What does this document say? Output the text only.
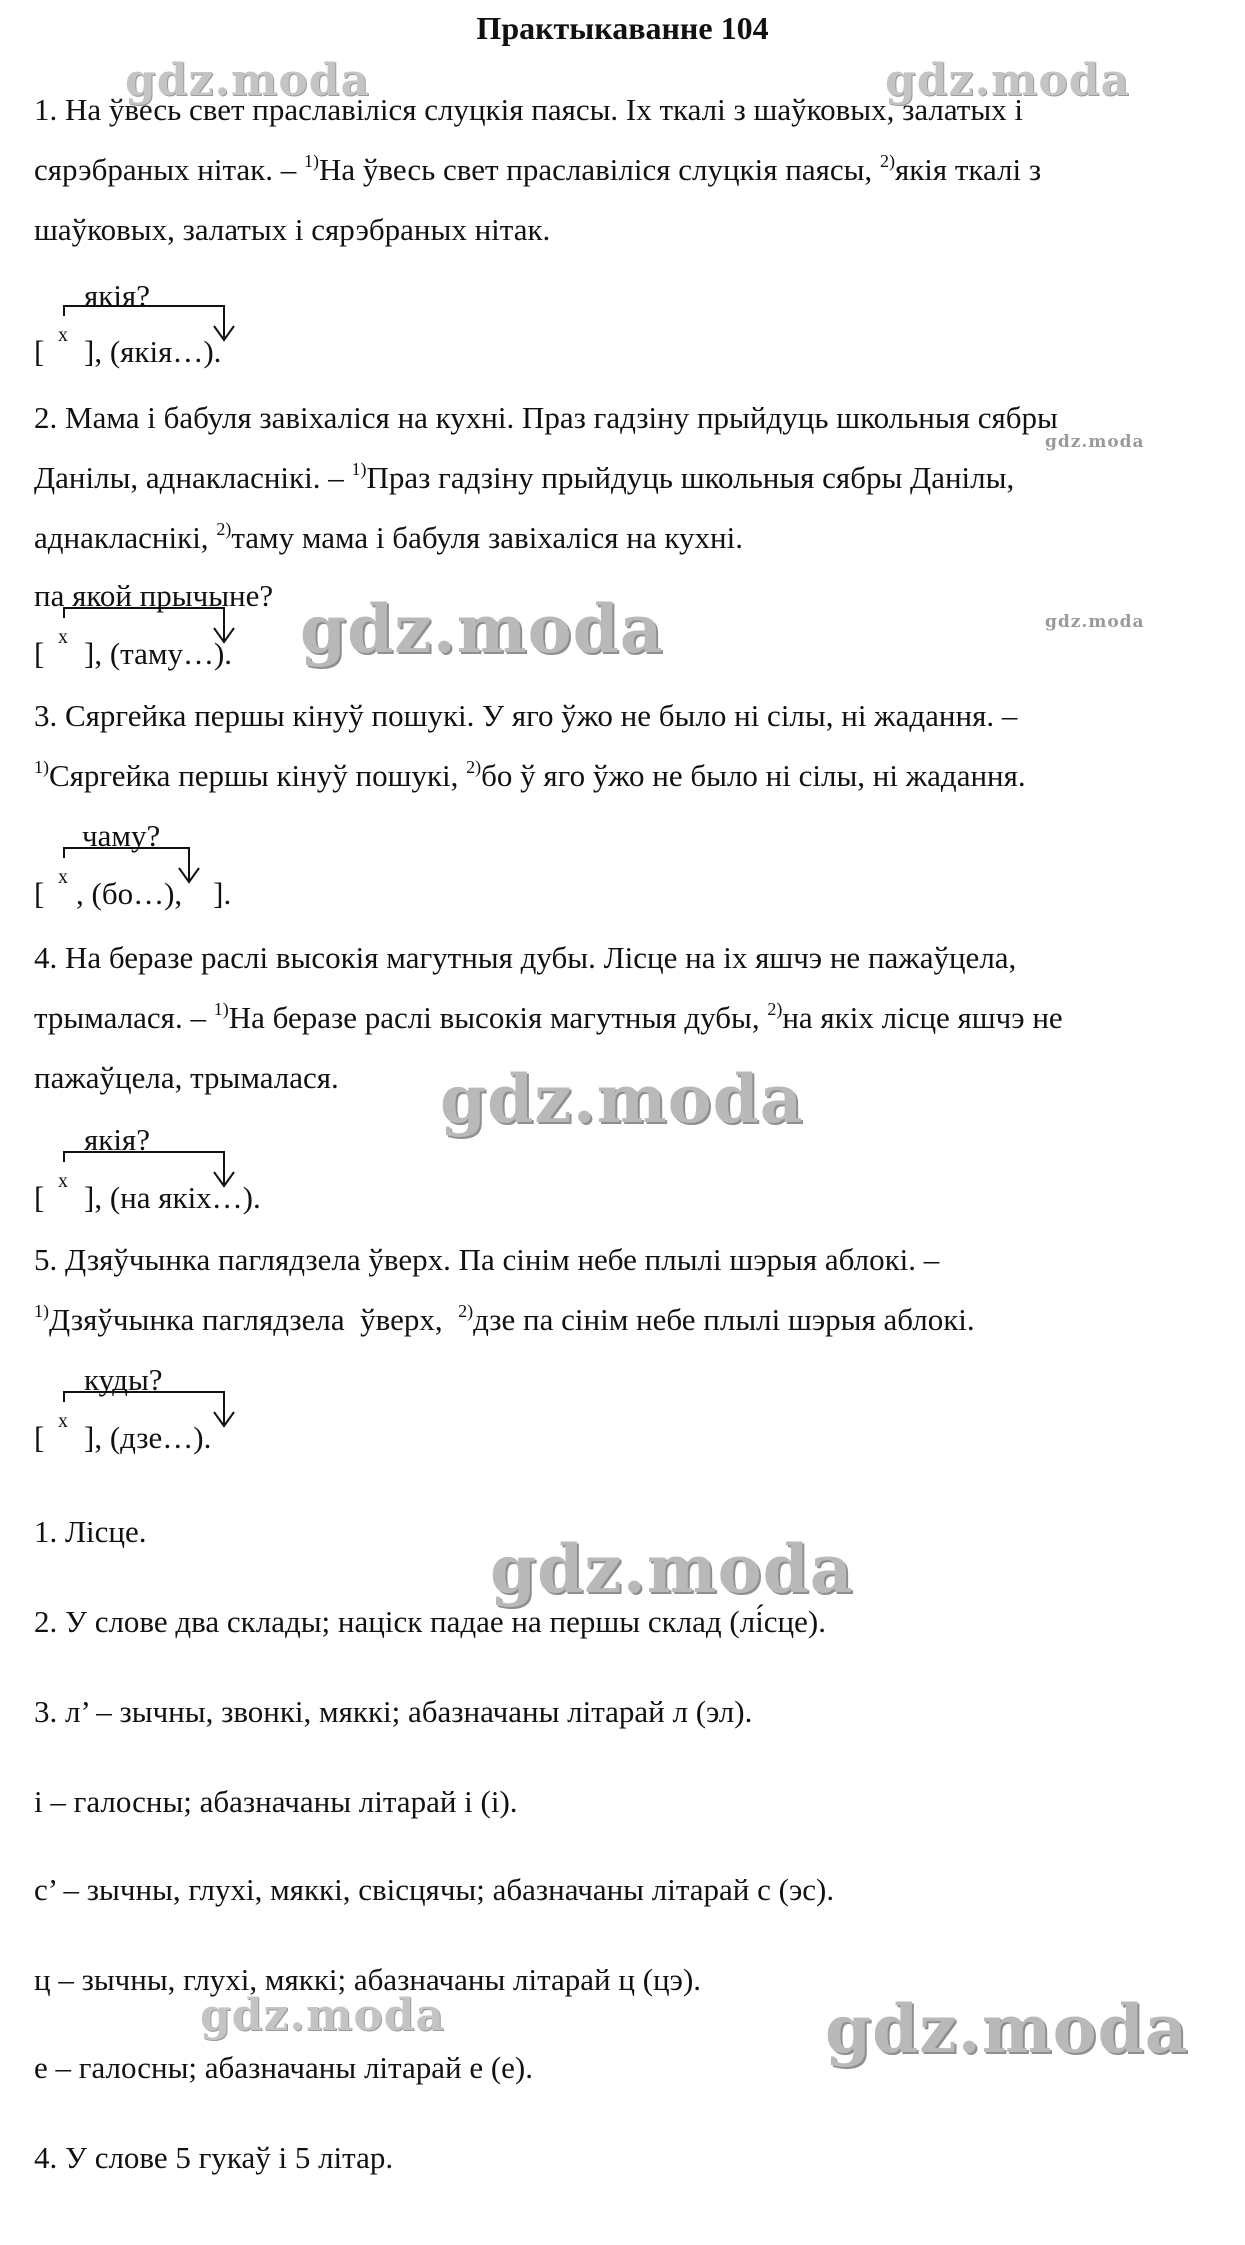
Практыкаванне 104
1. На ўвесь свет праславіліся слуцкія паясы. Іх ткалі з шаўковых, залатых і
сярэбраных нітак. – $^{1)}$На ўвесь свет праславіліся слуцкія паясы, $^{2)}$якія ткалі з
шаўковых, залатых і сярэбраных нітак.
якія?
[ x ], (якія…).
2. Мама і бабуля завіхаліся на кухні. Праз гадзіну прыйдуць школьныя сябры
Данілы, аднакласнікі. – $^{1)}$Праз гадзіну прыйдуць школьныя сябры Данілы,
аднакласнікі, $^{2)}$таму мама і бабуля завіхаліся на кухні.
па якой прычыне?
[ x ], (таму…).
3. Сяргейка першы кінуў пошукі. У яго ўжо не было ні сілы, ні жадання. –
$^{1)}$Сяргейка першы кінуў пошукі, $^{2)}$бо ў яго ўжо не было ні сілы, ні жадання.
чаму?
[ x , (бо…),    ].
4. На беразе раслі высокія магутныя дубы. Лісце на іх яшчэ не пажаўцела,
трымалася. – $^{1)}$На беразе раслі высокія магутныя дубы, $^{2)}$на якіх лісце яшчэ не
пажаўцела, трымалася.
якія?
[ x ], (на якіх…).
5. Дзяўчынка паглядзела ўверх. Па сінім небе плылі шэрыя аблокі. –
$^{1)}$Дзяўчынка паглядзела  ўверх,  $^{2)}$дзе па сінім небе плылі шэрыя аблокі.
куды?
[ x ], (дзе…).
1. Лісце.
2. У слове два склады; націск падае на першы склад (лі́сце).
3. л’ – зычны, звонкі, мяккі; абазначаны літарай л (эл).
і – галосны; абазначаны літарай і (і).
с’ – зычны, глухі, мяккі, свісцячы; абазначаны літарай с (эс).
ц – зычны, глухі, мяккі; абазначаны літарай ц (цэ).
е – галосны; абазначаны літарай е (е).
4. У слове 5 гукаў і 5 літар.
gdz.moda	gdz.moda
gdz.moda
gdz.moda	gdz.moda
gdz.moda
gdz.moda
gdz.moda	gdz.moda
